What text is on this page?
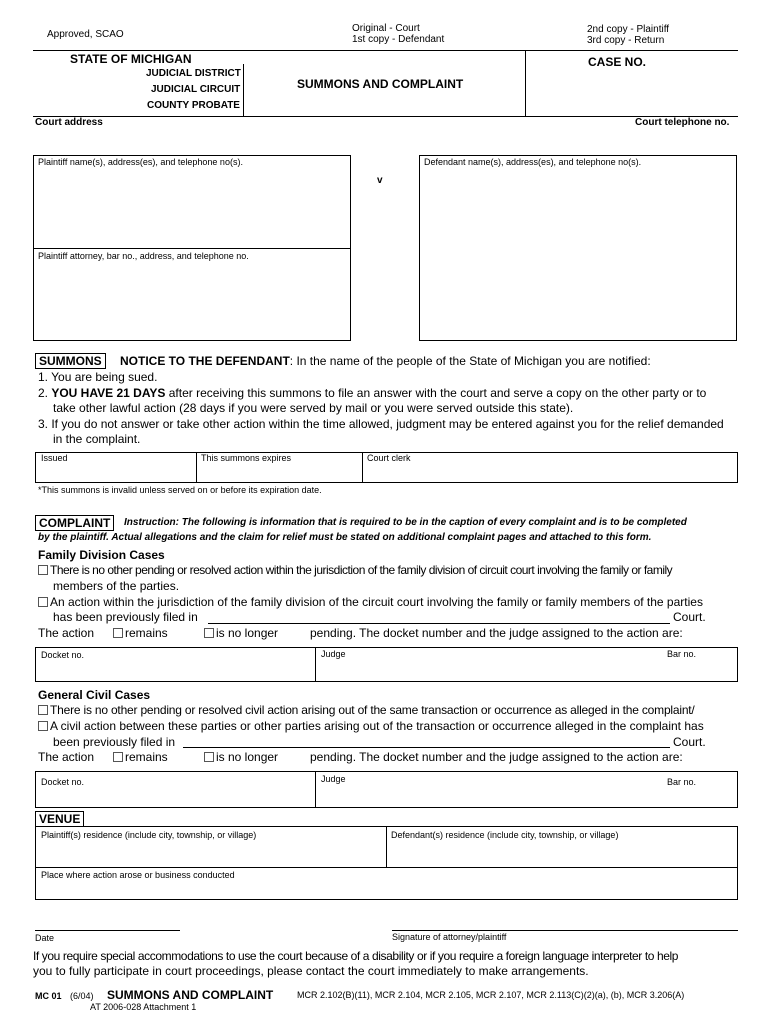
Approved, SCAO
Original - Court
1st copy - Defendant
2nd copy - Plaintiff
3rd copy - Return
STATE OF MICHIGAN
JUDICIAL DISTRICT
JUDICIAL CIRCUIT
COUNTY PROBATE
SUMMONS AND COMPLAINT
CASE NO.
Court address	Court telephone no.
Plaintiff name(s), address(es), and telephone no(s).
Plaintiff attorney, bar no., address, and telephone no.
v
Defendant name(s), address(es), and telephone no(s).
SUMMONS	NOTICE TO THE DEFENDANT: In the name of the people of the State of Michigan you are notified:
1. You are being sued.
2. YOU HAVE 21 DAYS after receiving this summons to file an answer with the court and serve a copy on the other party or to
take other lawful action (28 days if you were served by mail or you were served outside this state).
3. If you do not answer or take other action within the time allowed, judgment may be entered against you for the relief demanded
in the complaint.
Issued	This summons expires	Court clerk
*This summons is invalid unless served on or before its expiration date.
COMPLAINT	Instruction: The following is information that is required to be in the caption of every complaint and is to be completed
by the plaintiff. Actual allegations and the claim for relief must be stated on additional complaint pages and attached to this form.
Family Division Cases
There is no other pending or resolved action within the jurisdiction of the family division of circuit court involving the family or family
members of the parties.
An action within the jurisdiction of the family division of the circuit court involving the family or family members of the parties
has been previously filed in	Court.
The action	remains	is no longer	pending. The docket number and the judge assigned to the action are:
Docket no.	Judge	Bar no.
General Civil Cases
There is no other pending or resolved civil action arising out of the same transaction or occurrence as alleged in the complaint/
A civil action between these parties or other parties arising out of the transaction or occurrence alleged in the complaint has
been previously filed in	Court.
The action	remains	is no longer	pending. The docket number and the judge assigned to the action are:
Docket no.	Judge	Bar no.
VENUE
Plaintiff(s) residence (include city, township, or village)	Defendant(s) residence (include city, township, or village)
Place where action arose or business conducted
Date	Signature of attorney/plaintiff
If you require special accommodations to use the court because of a disability or if you require a foreign language interpreter to help
you to fully participate in court proceedings, please contact the court immediately to make arrangements.
MC 01 (6/04) SUMMONS AND COMPLAINT	MCR 2.102(B)(11), MCR 2.104, MCR 2.105, MCR 2.107, MCR 2.113(C)(2)(a), (b), MCR 3.206(A)
AT 2006-028 Attachment 1
